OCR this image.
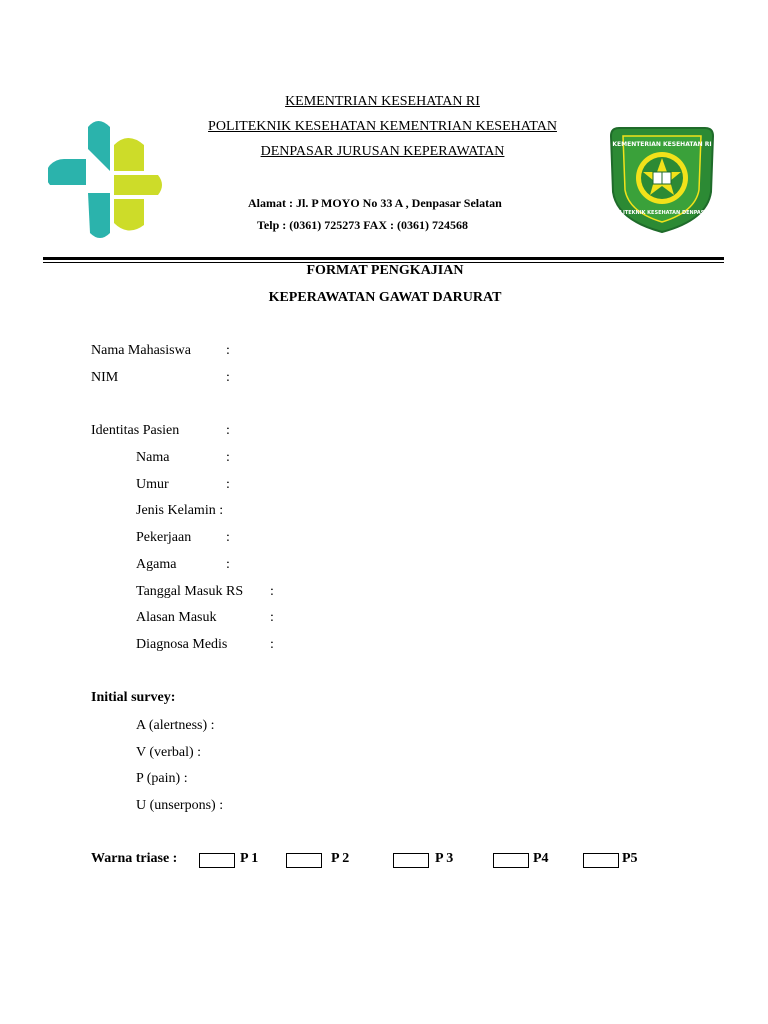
KEMENTRIAN KESEHATAN RI
POLITEKNIK KESEHATAN KEMENTRIAN KESEHATAN
DENPASAR JURUSAN KEPERAWATAN
Alamat : Jl. P MOYO No 33 A , Denpasar Selatan
Telp : (0361) 725273 FAX : (0361) 724568
KEMENTERIAN KESEHATAN RI
POLITEKNIK KESEHATAN DENPASAR
FORMAT PENGKAJIAN
KEPERAWATAN GAWAT DARURAT
Nama Mahasiswa	:
NIM	:
Identitas Pasien	:
Nama	:
Umur	:
Jenis Kelamin :
Pekerjaan :
Agama	:
Tanggal Masuk RS :
Alasan Masuk	:
Diagnosa Medis	:
Initial survey:
A (alertness) :
V (verbal) :
P (pain) :
U (unserpons) :
Warna triase :	P 1	P 2	P 3	P4	P5
